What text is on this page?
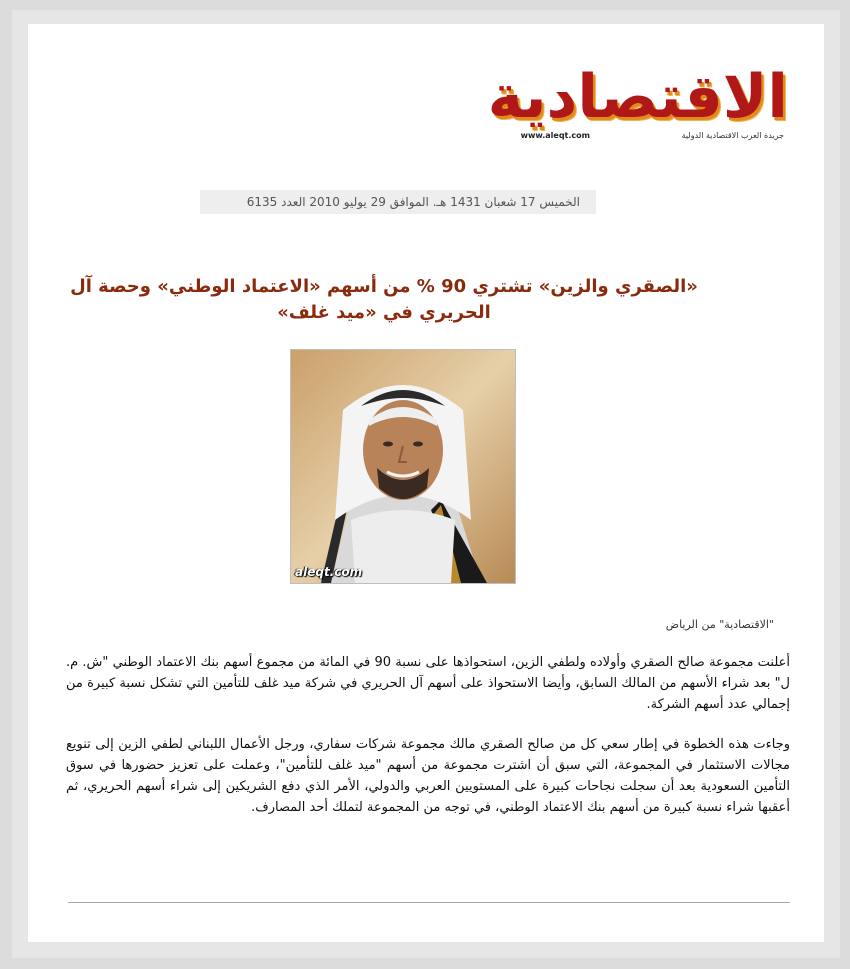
الاقتصادية
جريدة العرب الاقتصادية الدولية
www.aleqt.com
الخميس 17 شعبان 1431 هـ. الموافق 29 يوليو 2010 العدد 6135
«الصقري والزين» تشتري 90 % من أسهم «الاعتماد الوطني» وحصة آل الحريري في «ميد غلف»
aleqt.com
"الاقتصادية" من الرياض

أعلنت مجموعة صالح الصقري وأولاده ولطفي الزين، استحواذها على نسبة 90 في المائة من مجموع أسهم بنك الاعتماد الوطني "ش. م. ل" بعد شراء الأسهم من المالك السابق، وأيضا الاستحواذ على أسهم آل الحريري في شركة ميد غلف للتأمين التي تشكل نسبة كبيرة من إجمالي عدد أسهم الشركة.

وجاءت هذه الخطوة في إطار سعي كل من صالح الصقري مالك مجموعة شركات سفاري، ورجل الأعمال اللبناني لطفي الزين إلى تنويع مجالات الاستثمار في المجموعة، التي سبق أن اشترت مجموعة من أسهم "ميد غلف للتأمين"، وعملت على تعزيز حضورها في سوق التأمين السعودية بعد أن سجلت نجاحات كبيرة على المستويين العربي والدولي، الأمر الذي دفع الشريكين إلى شراء أسهم الحريري، ثم أعقبها شراء نسبة كبيرة من أسهم بنك الاعتماد الوطني، في توجه من المجموعة لتملك أحد المصارف.
